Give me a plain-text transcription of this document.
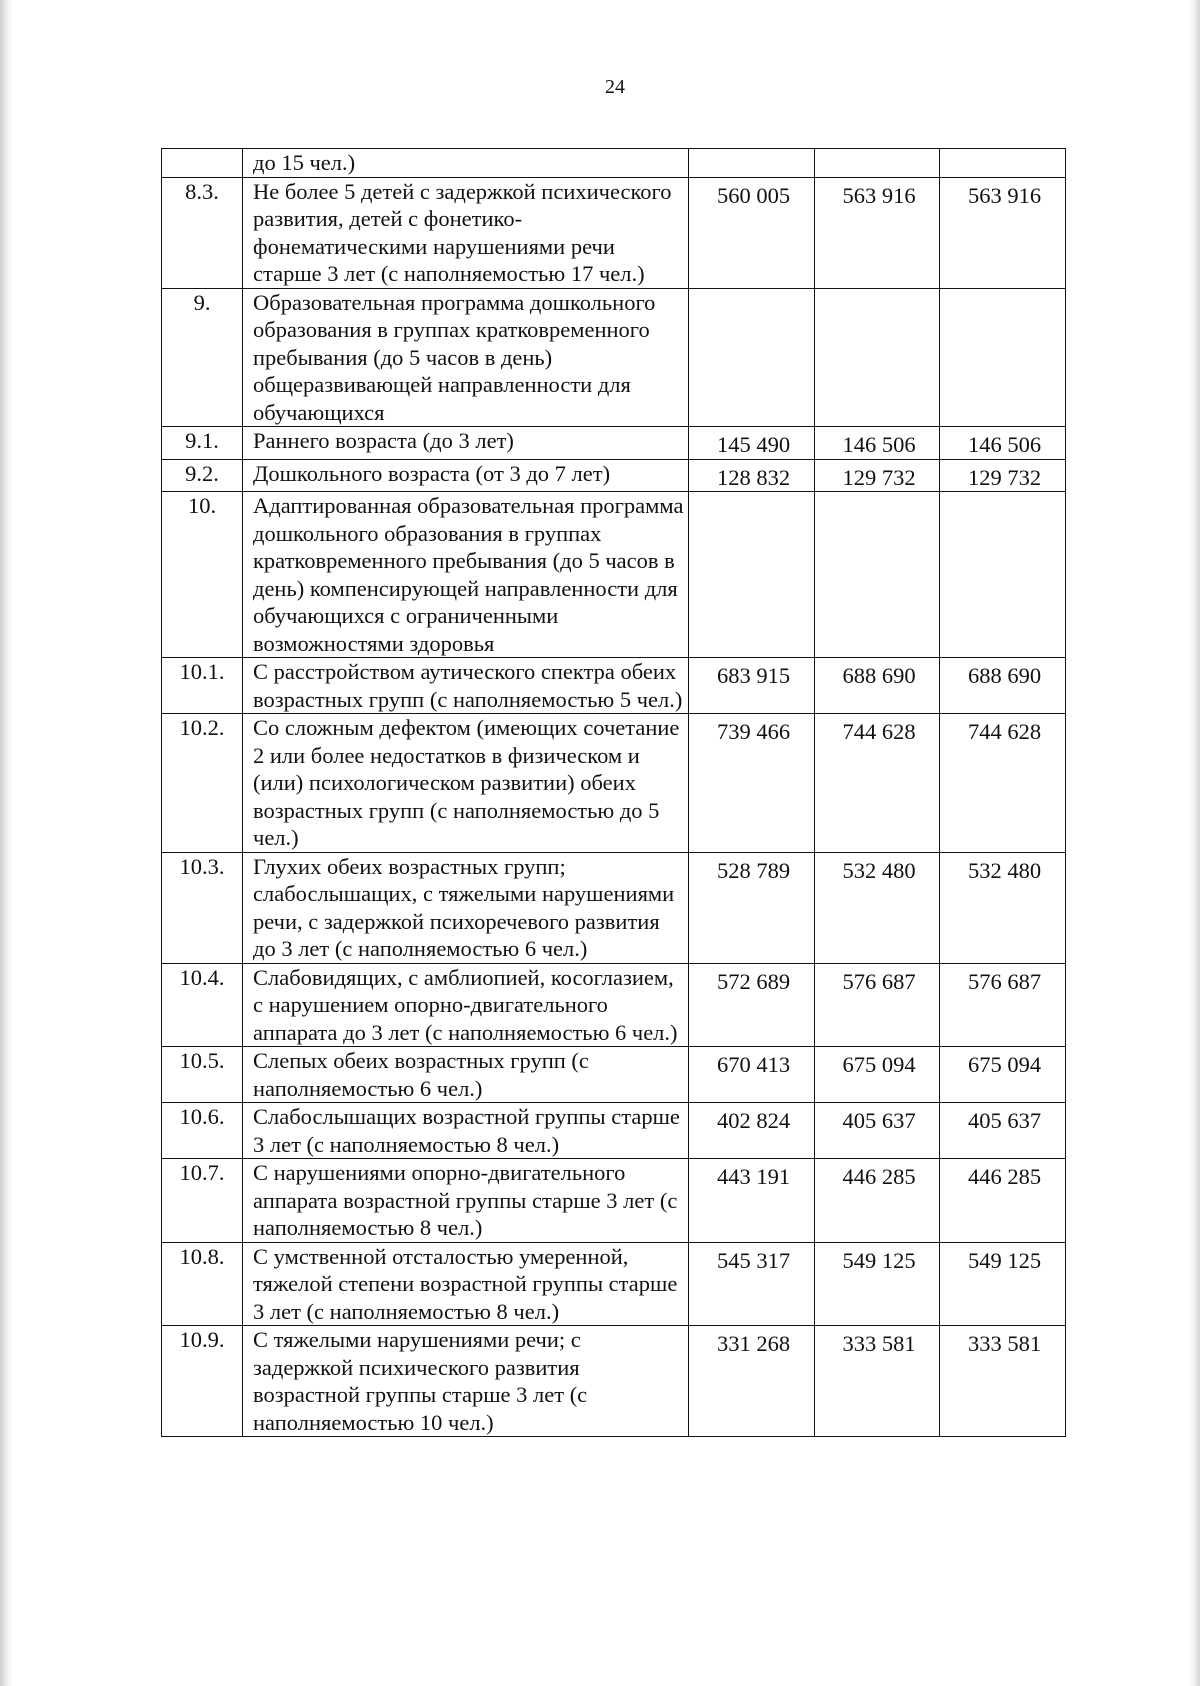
24
	до 15 чел.)			
8.3.	Не более 5 детей с задержкой психического развития, детей с фонетико-фонематическими нарушениями речи старше 3 лет (с наполняемостью 17 чел.)	560 005	563 916	563 916
9.	Образовательная программа дошкольного образования в группах кратковременного пребывания (до 5 часов в день) общеразвивающей направленности для обучающихся			
9.1.	Раннего возраста (до 3 лет)	145 490	146 506	146 506
9.2.	Дошкольного возраста (от 3 до 7 лет)	128 832	129 732	129 732
10.	Адаптированная образовательная программа дошкольного образования в группах кратковременного пребывания (до 5 часов в день) компенсирующей направленности для обучающихся с ограниченными возможностями здоровья			
10.1.	С расстройством аутического спектра обеих возрастных групп (с наполняемостью 5 чел.)	683 915	688 690	688 690
10.2.	Со сложным дефектом (имеющих сочетание 2 или более недостатков в физическом и (или) психологическом развитии) обеих возрастных групп (с наполняемостью до 5 чел.)	739 466	744 628	744 628
10.3.	Глухих обеих возрастных групп; слабослышащих, с тяжелыми нарушениями речи, с задержкой психоречевого развития до 3 лет (с наполняемостью 6 чел.)	528 789	532 480	532 480
10.4.	Слабовидящих, с амблиопией, косоглазием, с нарушением опорно-двигательного аппарата до 3 лет (с наполняемостью 6 чел.)	572 689	576 687	576 687
10.5.	Слепых обеих возрастных групп (с наполняемостью 6 чел.)	670 413	675 094	675 094
10.6.	Слабослышащих возрастной группы старше 3 лет (с наполняемостью 8 чел.)	402 824	405 637	405 637
10.7.	С нарушениями опорно-двигательного аппарата возрастной группы старше 3 лет (с наполняемостью 8 чел.)	443 191	446 285	446 285
10.8.	С умственной отсталостью умеренной, тяжелой степени возрастной группы старше 3 лет (с наполняемостью 8 чел.)	545 317	549 125	549 125
10.9.	С тяжелыми нарушениями речи; с задержкой психического развития возрастной группы старше 3 лет (с наполняемостью 10 чел.)	331 268	333 581	333 581
